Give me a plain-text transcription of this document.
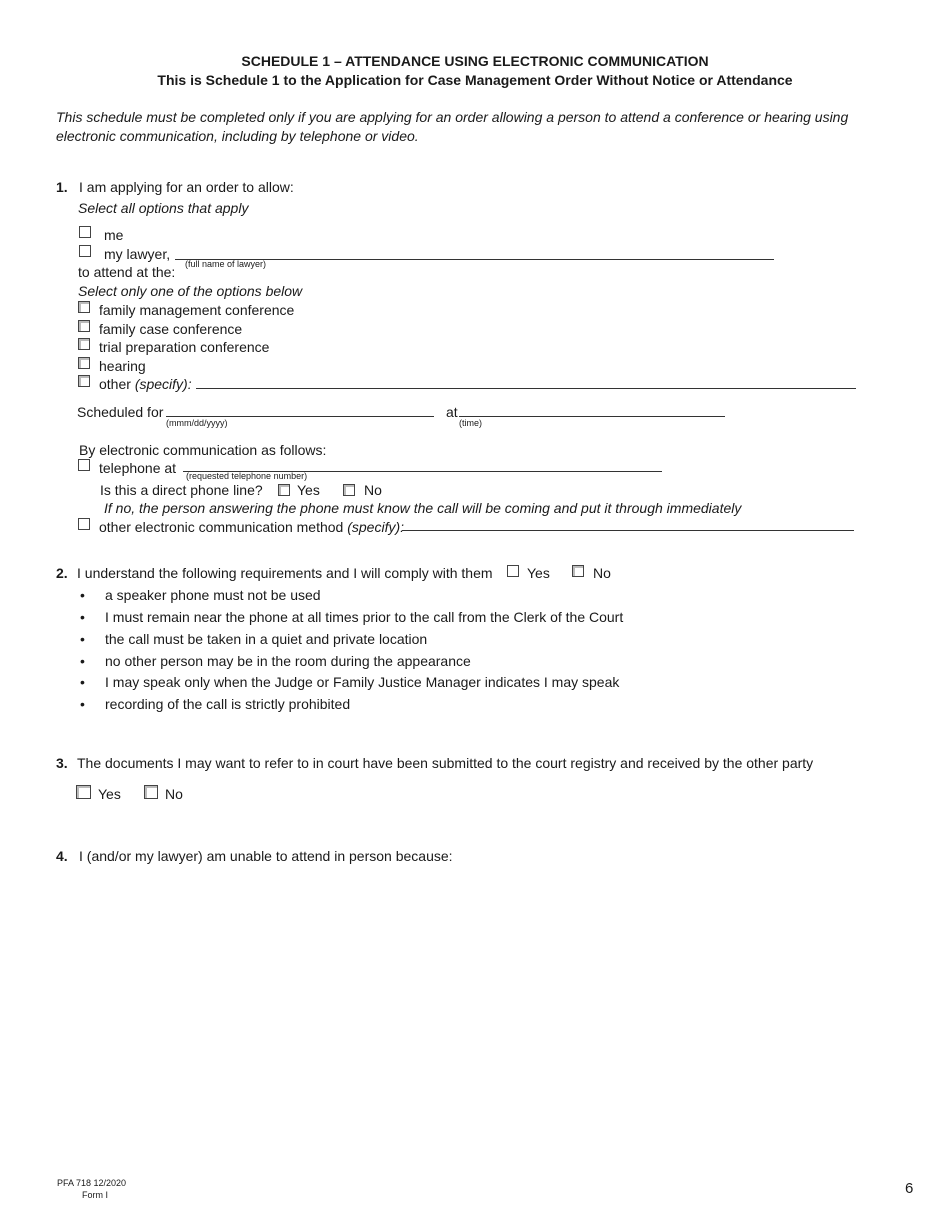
SCHEDULE 1 – ATTENDANCE USING ELECTRONIC COMMUNICATION
This is Schedule 1 to the Application for Case Management Order Without Notice or Attendance
This schedule must be completed only if you are applying for an order allowing a person to attend a conference or hearing using
electronic communication, including by telephone or video.
1. I am applying for an order to allow:
Select all options that apply
me
my lawyer,
(full name of lawyer)
to attend at the:
Select only one of the options below
family management conference
family case conference
trial preparation conference
hearing
other (specify):
Scheduled for
(mmm/dd/yyyy)
at
(time)
By electronic communication as follows:
telephone at (requested telephone number)
Is this a direct phone line? Yes	No
If no, the person answering the phone must know the call will be coming and put it through immediately
other electronic communication method (specify):
2. I understand the following requirements and I will comply with them Yes	No
• a speaker phone must not be used
• I must remain near the phone at all times prior to the call from the Clerk of the Court
• the call must be taken in a quiet and private location
• no other person may be in the room during the appearance
• I may speak only when the Judge or Family Justice Manager indicates I may speak
• recording of the call is strictly prohibited
3. The documents I may want to refer to in court have been submitted to the court registry and received by the other party
Yes	No
4. I (and/or my lawyer) am unable to attend in person because:
PFA 718 12/2020
Form I	6
